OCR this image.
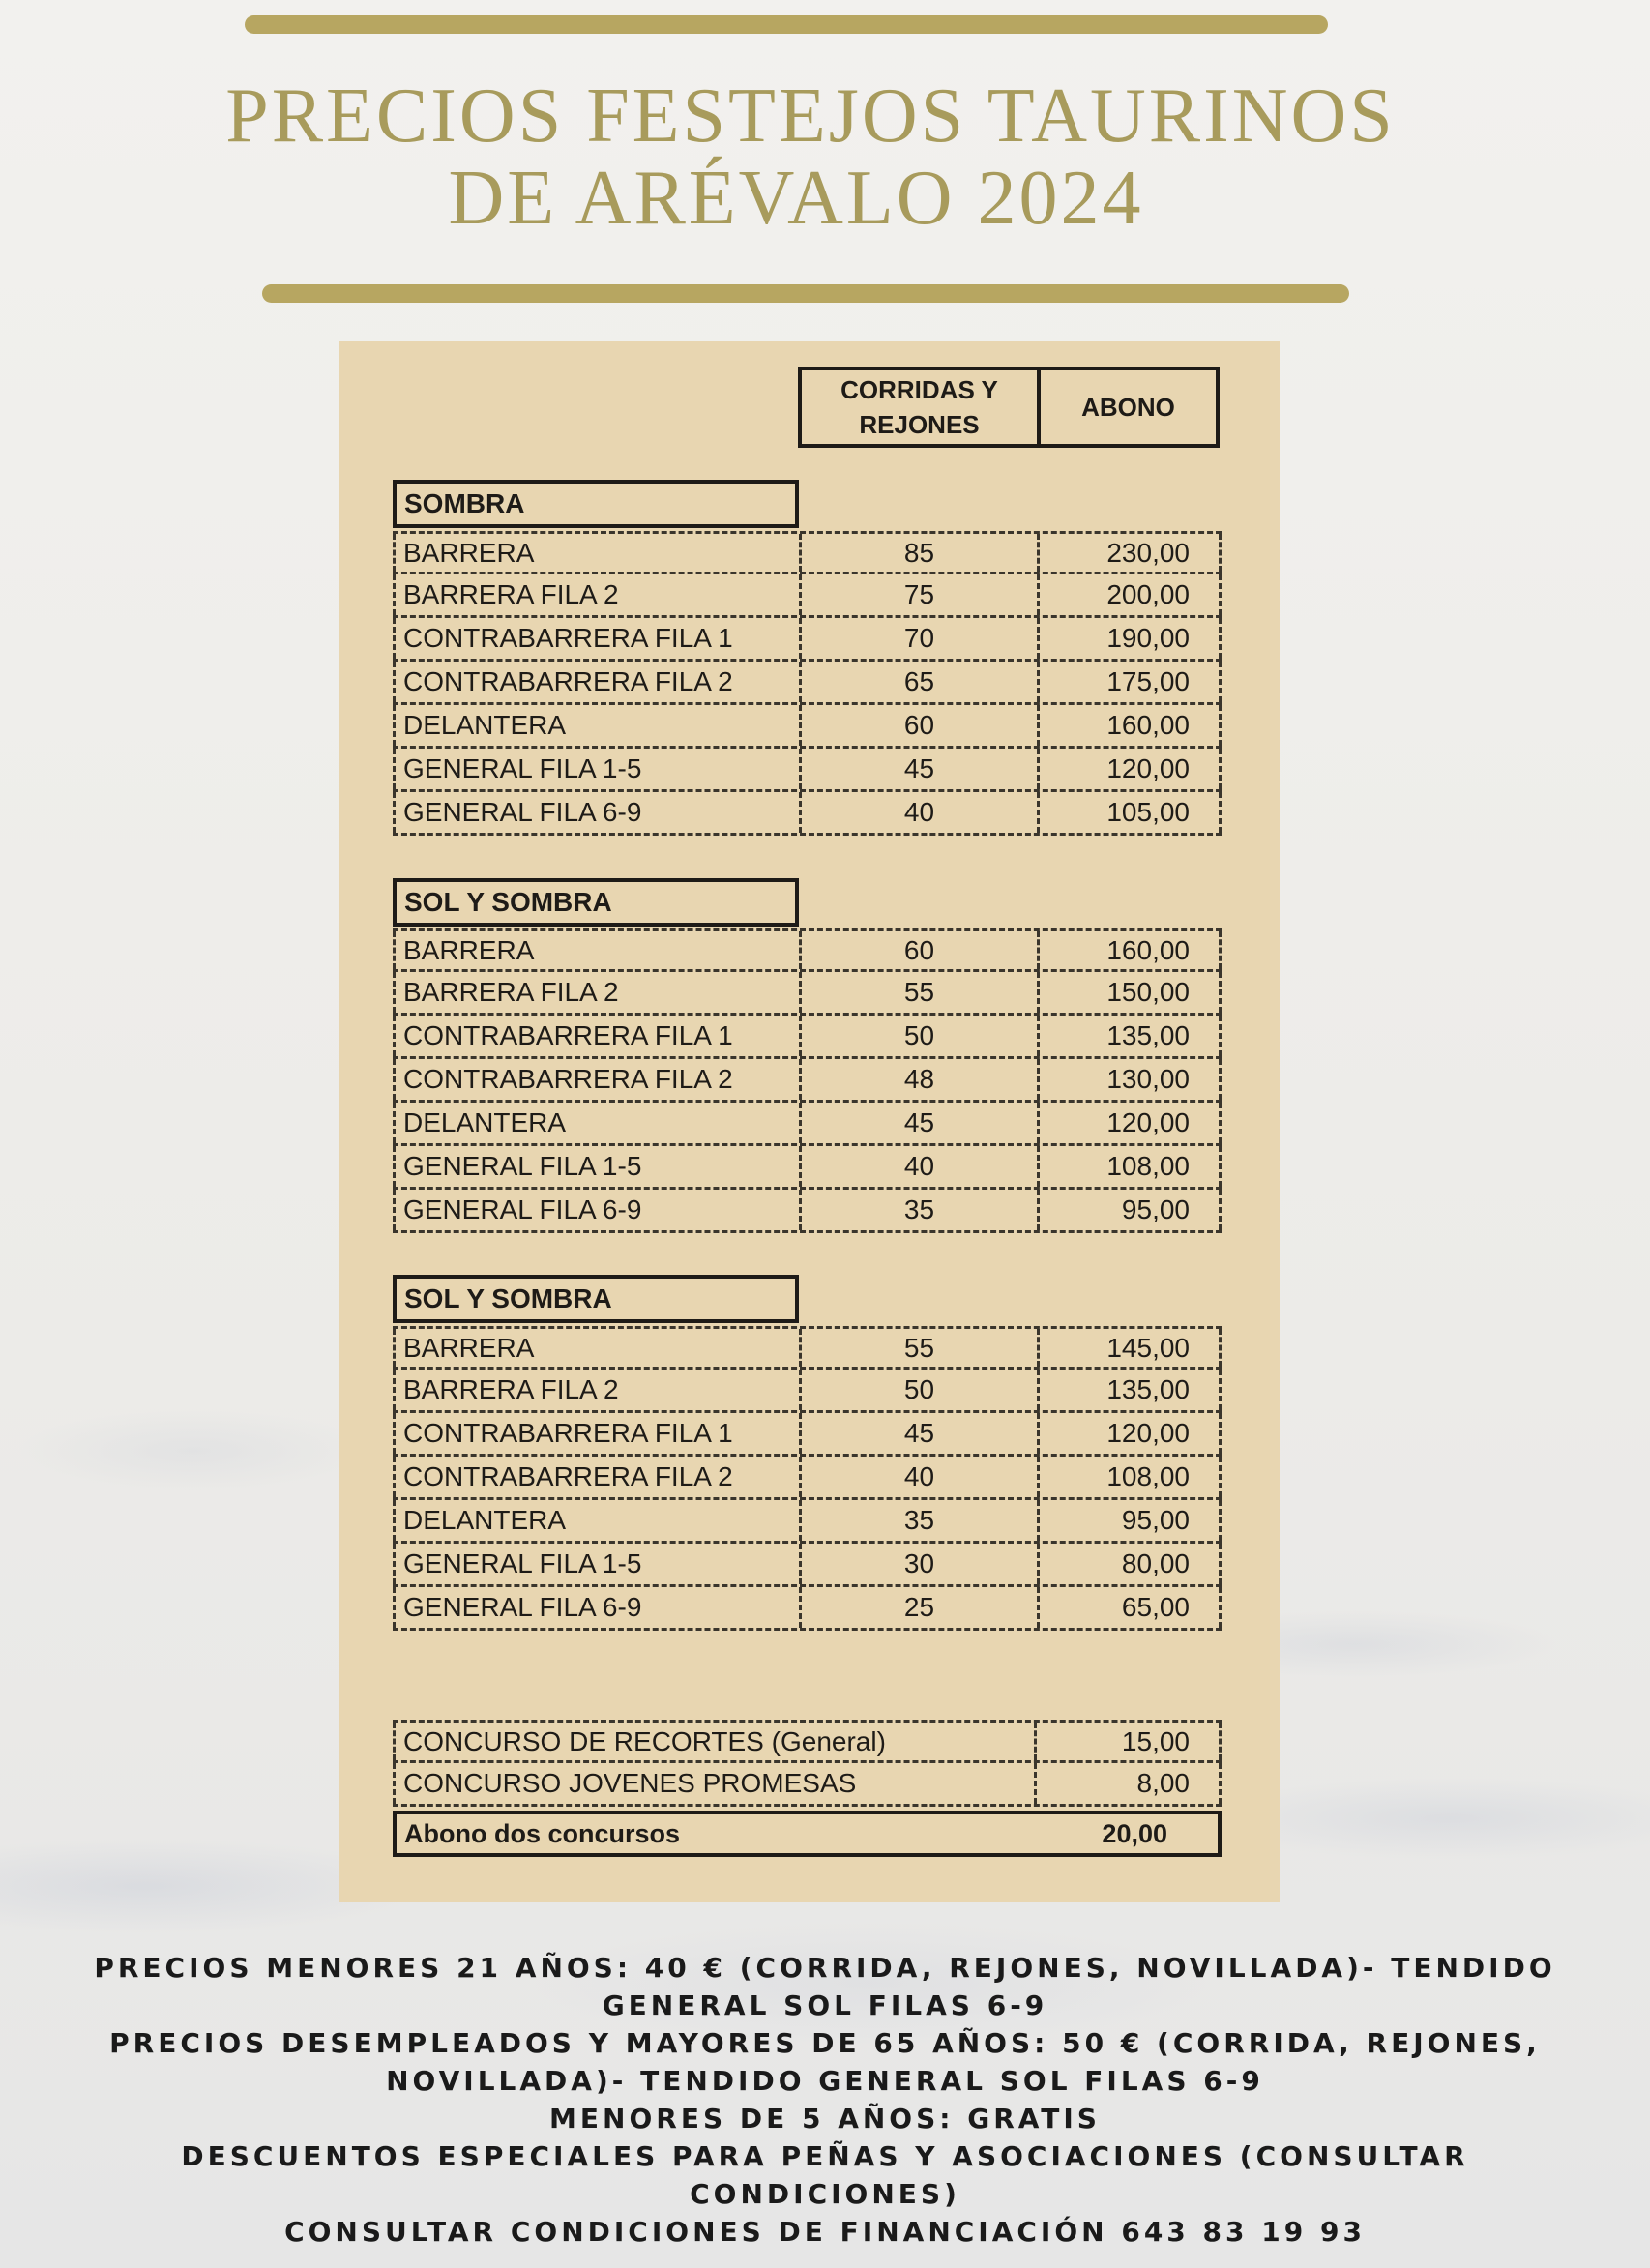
PRECIOS FESTEJOS TAURINOS
DE ARÉVALO 2024
CORRIDAS Y REJONES
ABONO
SOMBRA
BARRERA	85	230,00
BARRERA FILA 2	75	200,00
CONTRABARRERA FILA 1	70	190,00
CONTRABARRERA FILA 2	65	175,00
DELANTERA	60	160,00
GENERAL FILA 1-5	45	120,00
GENERAL FILA 6-9	40	105,00
SOL Y SOMBRA
BARRERA	60	160,00
BARRERA FILA 2	55	150,00
CONTRABARRERA FILA 1	50	135,00
CONTRABARRERA FILA 2	48	130,00
DELANTERA	45	120,00
GENERAL FILA 1-5	40	108,00
GENERAL FILA 6-9	35	95,00
SOL Y SOMBRA
BARRERA	55	145,00
BARRERA FILA 2	50	135,00
CONTRABARRERA FILA 1	45	120,00
CONTRABARRERA FILA 2	40	108,00
DELANTERA	35	95,00
GENERAL FILA 1-5	30	80,00
GENERAL FILA 6-9	25	65,00
CONCURSO DE RECORTES (General)	15,00
CONCURSO JOVENES PROMESAS	8,00
Abono dos concursos	20,00
PRECIOS MENORES 21 AÑOS: 40 € (CORRIDA, REJONES, NOVILLADA)- TENDIDO
GENERAL SOL FILAS 6-9
PRECIOS DESEMPLEADOS Y MAYORES DE 65 AÑOS: 50 € (CORRIDA, REJONES,
NOVILLADA)- TENDIDO GENERAL SOL FILAS 6-9
MENORES DE 5 AÑOS: GRATIS
DESCUENTOS ESPECIALES PARA PEÑAS Y ASOCIACIONES (CONSULTAR
CONDICIONES)
CONSULTAR CONDICIONES DE FINANCIACIÓN 643 83 19 93
